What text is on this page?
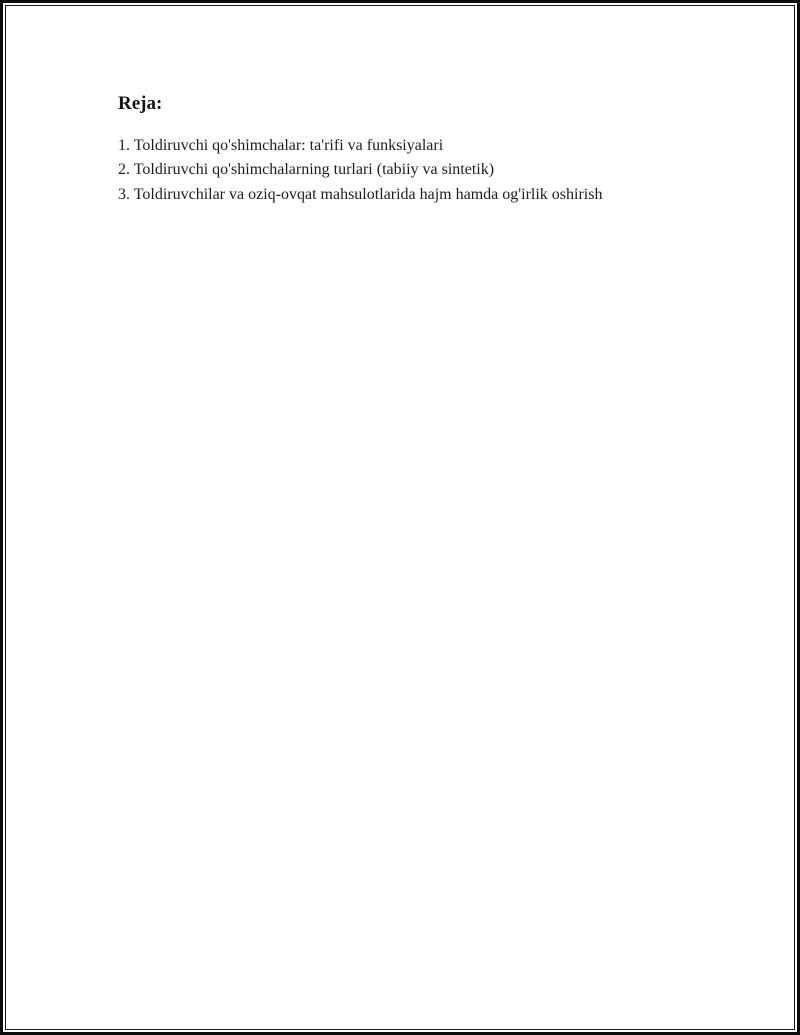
Reja:
1. Toldiruvchi qo'shimchalar: ta'rifi va funksiyalari
2. Toldiruvchi qo'shimchalarning turlari (tabiiy va sintetik)
3. Toldiruvchilar va oziq-ovqat mahsulotlarida hajm hamda og'irlik oshirish
